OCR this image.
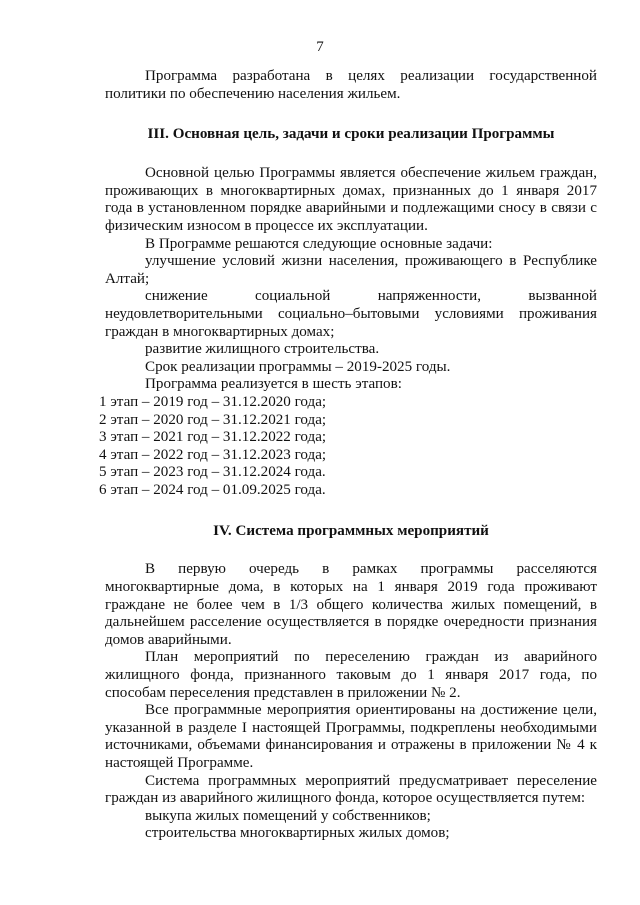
7

Программа разработана в целях реализации государственной

политики по обеспечению населения жильем.

III. Основная цель, задачи и сроки реализации Программы

Основной целью Программы является обеспечение жильем граждан,

проживающих в многоквартирных домах, признанных до 1 января 2017

года в установленном порядке аварийными и подлежащими сносу в связи с

физическим износом в процессе их эксплуатации.

В Программе решаются следующие основные задачи:

улучшение условий жизни населения, проживающего в Республике

Алтай;

снижение социальной напряженности, вызванной

неудовлетворительными социально–бытовыми условиями проживания

граждан в многоквартирных домах;

развитие жилищного строительства.

Срок реализации программы – 2019-2025 годы.

Программа реализуется в шесть этапов:

1 этап – 2019 год – 31.12.2020 года;

2 этап – 2020 год – 31.12.2021 года;

3 этап – 2021 год – 31.12.2022 года;

4 этап – 2022 год – 31.12.2023 года;

5 этап – 2023 год – 31.12.2024 года.

6 этап – 2024 год – 01.09.2025 года.

IV. Система программных мероприятий

В первую очередь в рамках программы расселяются

многоквартирные дома, в которых на 1 января 2019 года проживают

граждане не более чем в 1/3 общего количества жилых помещений, в

дальнейшем расселение осуществляется в порядке очередности признания

домов аварийными.

План мероприятий по переселению граждан из аварийного

жилищного фонда, признанного таковым до 1 января 2017 года, по

способам переселения представлен в приложении № 2.

Все программные мероприятия ориентированы на достижение цели,

указанной в разделе I настоящей Программы, подкреплены необходимыми

источниками, объемами финансирования и отражены в приложении № 4 к

настоящей Программе.

Система программных мероприятий предусматривает переселение

граждан из аварийного жилищного фонда, которое осуществляется путем:

выкупа жилых помещений у собственников;

строительства многоквартирных жилых домов;
